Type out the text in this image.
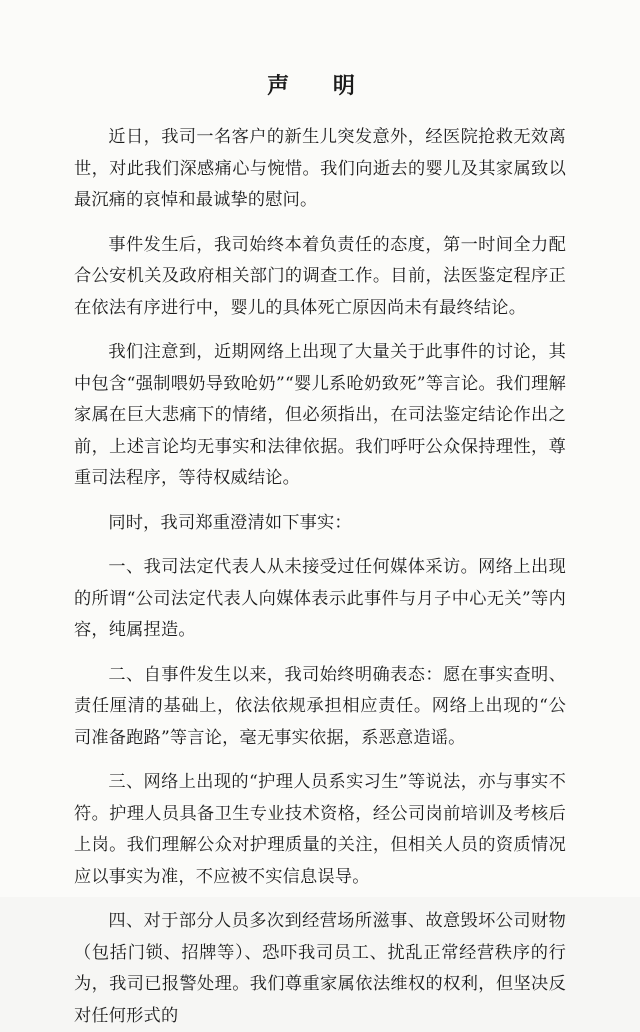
声 明

近日，我司一名客户的新生儿突发意外，经医院抢救无效离世，对此我们深感痛心与惋惜。我们向逝去的婴儿及其家属致以最沉痛的哀悼和最诚挚的慰问。

事件发生后，我司始终本着负责任的态度，第一时间全力配合公安机关及政府相关部门的调查工作。目前，法医鉴定程序正在依法有序进行中，婴儿的具体死亡原因尚未有最终结论。

我们注意到，近期网络上出现了大量关于此事件的讨论，其中包含“强制喂奶导致呛奶”“婴儿系呛奶致死”等言论。我们理解家属在巨大悲痛下的情绪，但必须指出，在司法鉴定结论作出之前，上述言论均无事实和法律依据。我们呼吁公众保持理性，尊重司法程序，等待权威结论。

同时，我司郑重澄清如下事实：

一、我司法定代表人从未接受过任何媒体采访。网络上出现的所谓“公司法定代表人向媒体表示此事件与月子中心无关”等内容，纯属捏造。

二、自事件发生以来，我司始终明确表态：愿在事实查明、责任厘清的基础上，依法依规承担相应责任。网络上出现的“公司准备跑路”等言论，毫无事实依据，系恶意造谣。

三、网络上出现的“护理人员系实习生”等说法，亦与事实不符。护理人员具备卫生专业技术资格，经公司岗前培训及考核后上岗。我们理解公众对护理质量的关注，但相关人员的资质情况应以事实为准，不应被不实信息误导。

四、对于部分人员多次到经营场所滋事、故意毁坏公司财物（包括门锁、招牌等）、恐吓我司员工、扰乱正常经营秩序的行为，我司已报警处理。我们尊重家属依法维权的权利，但坚决反对任何形式的
